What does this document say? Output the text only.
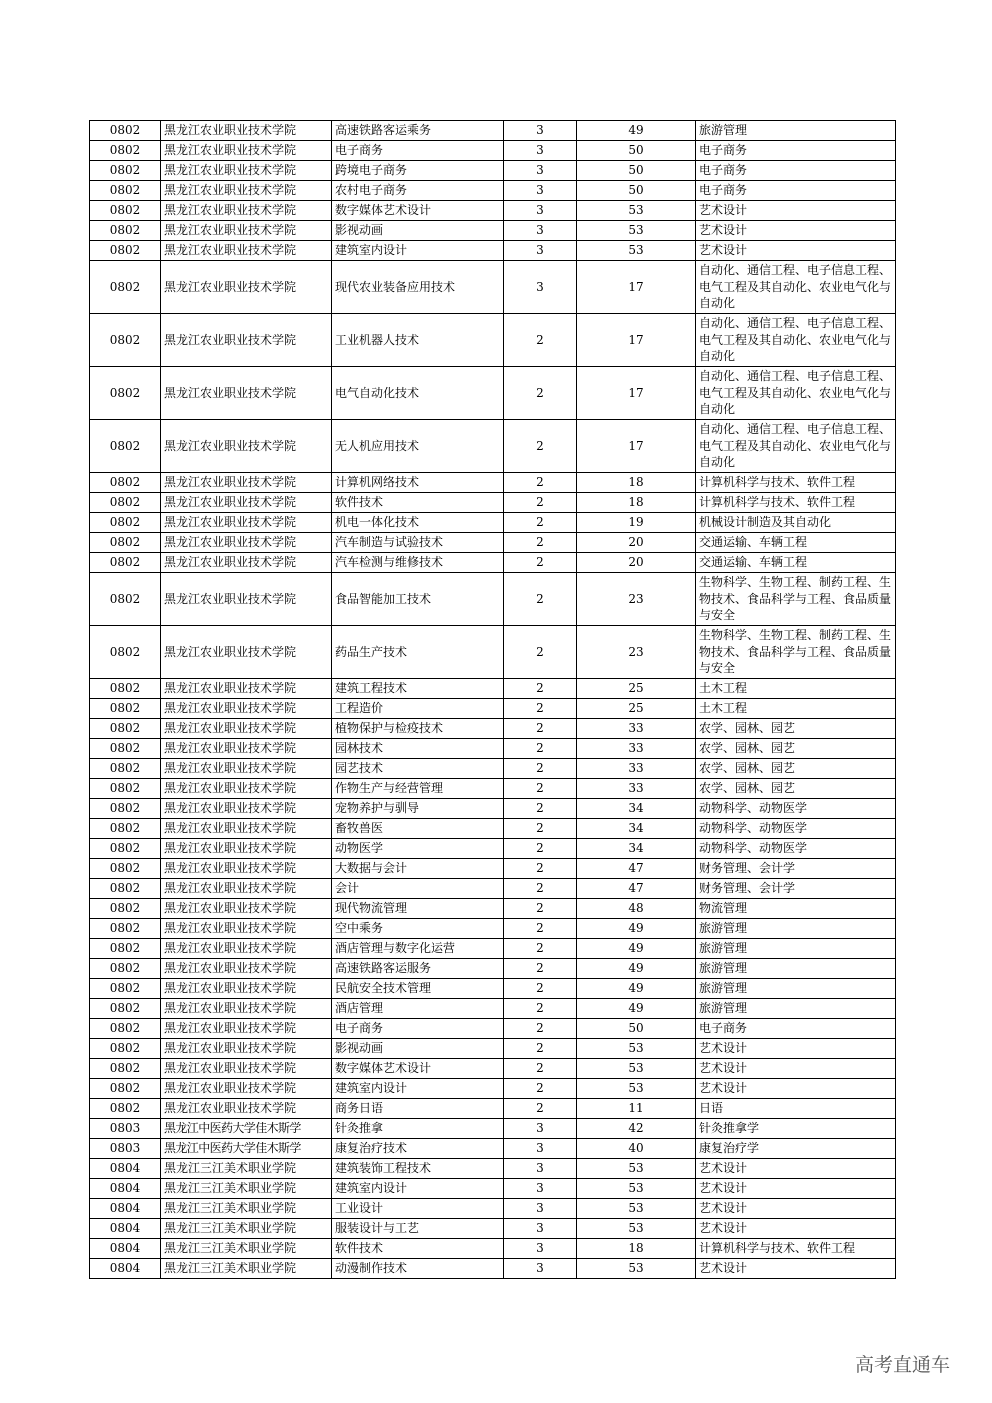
0802	黑龙江农业职业技术学院	高速铁路客运乘务	3	49	旅游管理
0802	黑龙江农业职业技术学院	电子商务	3	50	电子商务
0802	黑龙江农业职业技术学院	跨境电子商务	3	50	电子商务
0802	黑龙江农业职业技术学院	农村电子商务	3	50	电子商务
0802	黑龙江农业职业技术学院	数字媒体艺术设计	3	53	艺术设计
0802	黑龙江农业职业技术学院	影视动画	3	53	艺术设计
0802	黑龙江农业职业技术学院	建筑室内设计	3	53	艺术设计
0802	黑龙江农业职业技术学院	现代农业装备应用技术	3	17	自动化、通信工程、电子信息工程、电气工程及其自动化、农业电气化与自动化
0802	黑龙江农业职业技术学院	工业机器人技术	2	17	自动化、通信工程、电子信息工程、电气工程及其自动化、农业电气化与自动化
0802	黑龙江农业职业技术学院	电气自动化技术	2	17	自动化、通信工程、电子信息工程、电气工程及其自动化、农业电气化与自动化
0802	黑龙江农业职业技术学院	无人机应用技术	2	17	自动化、通信工程、电子信息工程、电气工程及其自动化、农业电气化与自动化
0802	黑龙江农业职业技术学院	计算机网络技术	2	18	计算机科学与技术、软件工程
0802	黑龙江农业职业技术学院	软件技术	2	18	计算机科学与技术、软件工程
0802	黑龙江农业职业技术学院	机电一体化技术	2	19	机械设计制造及其自动化
0802	黑龙江农业职业技术学院	汽车制造与试验技术	2	20	交通运输、车辆工程
0802	黑龙江农业职业技术学院	汽车检测与维修技术	2	20	交通运输、车辆工程
0802	黑龙江农业职业技术学院	食品智能加工技术	2	23	生物科学、生物工程、制药工程、生物技术、食品科学与工程、食品质量与安全
0802	黑龙江农业职业技术学院	药品生产技术	2	23	生物科学、生物工程、制药工程、生物技术、食品科学与工程、食品质量与安全
0802	黑龙江农业职业技术学院	建筑工程技术	2	25	土木工程
0802	黑龙江农业职业技术学院	工程造价	2	25	土木工程
0802	黑龙江农业职业技术学院	植物保护与检疫技术	2	33	农学、园林、园艺
0802	黑龙江农业职业技术学院	园林技术	2	33	农学、园林、园艺
0802	黑龙江农业职业技术学院	园艺技术	2	33	农学、园林、园艺
0802	黑龙江农业职业技术学院	作物生产与经营管理	2	33	农学、园林、园艺
0802	黑龙江农业职业技术学院	宠物养护与驯导	2	34	动物科学、动物医学
0802	黑龙江农业职业技术学院	畜牧兽医	2	34	动物科学、动物医学
0802	黑龙江农业职业技术学院	动物医学	2	34	动物科学、动物医学
0802	黑龙江农业职业技术学院	大数据与会计	2	47	财务管理、会计学
0802	黑龙江农业职业技术学院	会计	2	47	财务管理、会计学
0802	黑龙江农业职业技术学院	现代物流管理	2	48	物流管理
0802	黑龙江农业职业技术学院	空中乘务	2	49	旅游管理
0802	黑龙江农业职业技术学院	酒店管理与数字化运营	2	49	旅游管理
0802	黑龙江农业职业技术学院	高速铁路客运服务	2	49	旅游管理
0802	黑龙江农业职业技术学院	民航安全技术管理	2	49	旅游管理
0802	黑龙江农业职业技术学院	酒店管理	2	49	旅游管理
0802	黑龙江农业职业技术学院	电子商务	2	50	电子商务
0802	黑龙江农业职业技术学院	影视动画	2	53	艺术设计
0802	黑龙江农业职业技术学院	数字媒体艺术设计	2	53	艺术设计
0802	黑龙江农业职业技术学院	建筑室内设计	2	53	艺术设计
0802	黑龙江农业职业技术学院	商务日语	2	11	日语
0803	黑龙江中医药大学佳木斯学	针灸推拿	3	42	针灸推拿学
0803	黑龙江中医药大学佳木斯学	康复治疗技术	3	40	康复治疗学
0804	黑龙江三江美术职业学院	建筑装饰工程技术	3	53	艺术设计
0804	黑龙江三江美术职业学院	建筑室内设计	3	53	艺术设计
0804	黑龙江三江美术职业学院	工业设计	3	53	艺术设计
0804	黑龙江三江美术职业学院	服装设计与工艺	3	53	艺术设计
0804	黑龙江三江美术职业学院	软件技术	3	18	计算机科学与技术、软件工程
0804	黑龙江三江美术职业学院	动漫制作技术	3	53	艺术设计
高考直通车
